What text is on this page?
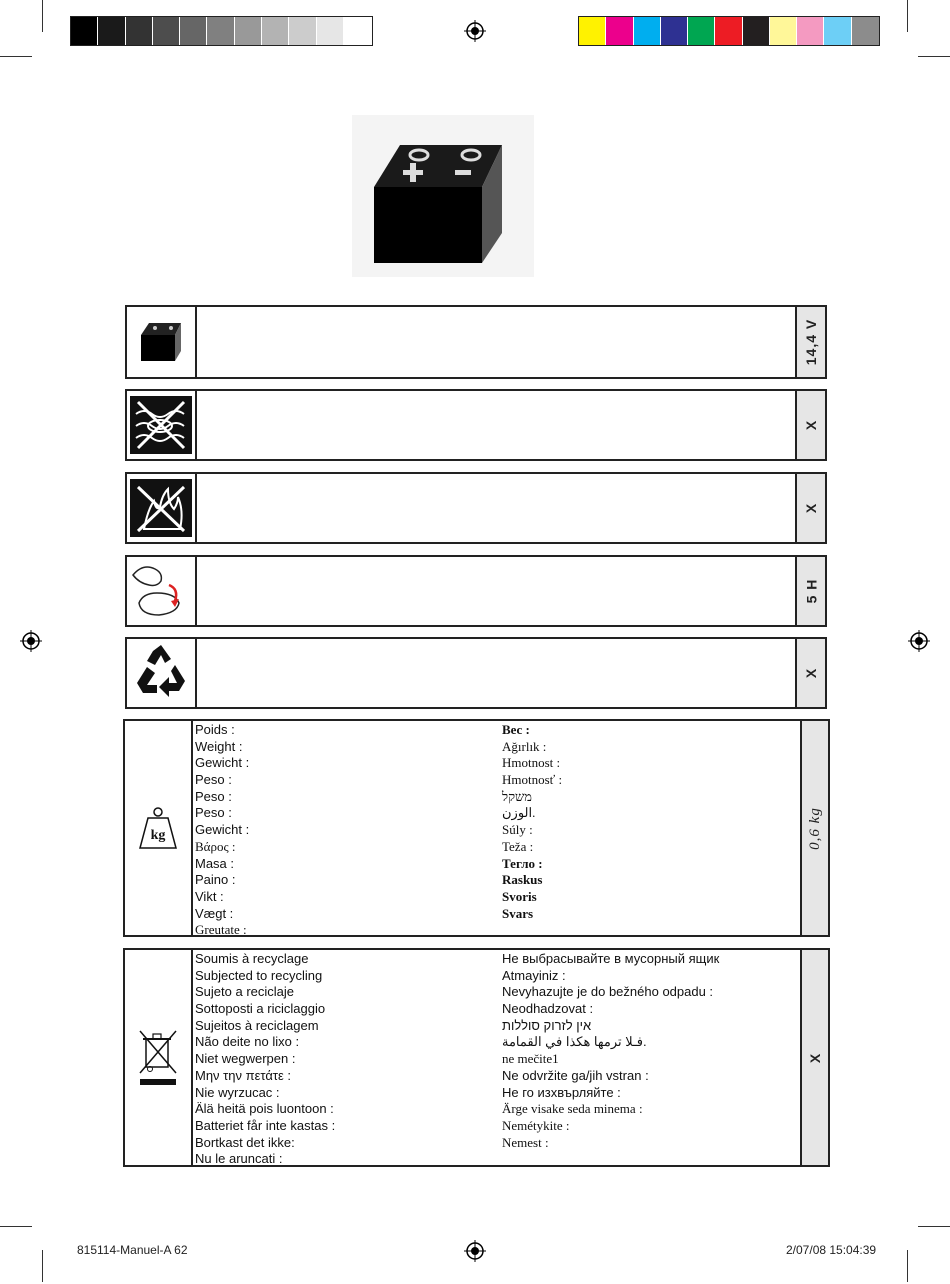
14,4 V
X
X
5 H
X
kg
Poids :
Weight :
Gewicht :
Peso :
Peso :
Peso :
Gewicht :
Βάρος :
Masa :
Paino :
Vikt :
Vægt :
Greutate :
Bec :
Ağırlık :
Hmotnost :
Hmotnosť :
משקל
الوزن.
Súly :
Teža :
Тегло :
Raskus
Svoris
Svars
0,6 kg
Soumis à recyclage
Subjected to recycling
Sujeto a reciclaje
Sottoposti a riciclaggio
Sujeitos à reciclagem
Não deite no lixo :
Niet wegwerpen :
Μην την πετάτε :
Nie wyrzucac :
Älä heitä pois luontoon :
Batteriet får inte kastas :
Bortkast det ikke:
Nu le aruncati :
Не выбрасывайте в мусорный ящик
Atmayiniz :
Nevyhazujte je do bežného odpadu :
Neodhadzovat :
אין לזרוק סוללות
فـلا ترمها هكذا في القمامة.
ne mečite1
Ne odvržite ga/jih vstran :
Не го изхвърляйте :
Ärge visake seda minema :
Nemétykite :
Nemest :
X
815114-Manuel-A 62	2/07/08 15:04:39
